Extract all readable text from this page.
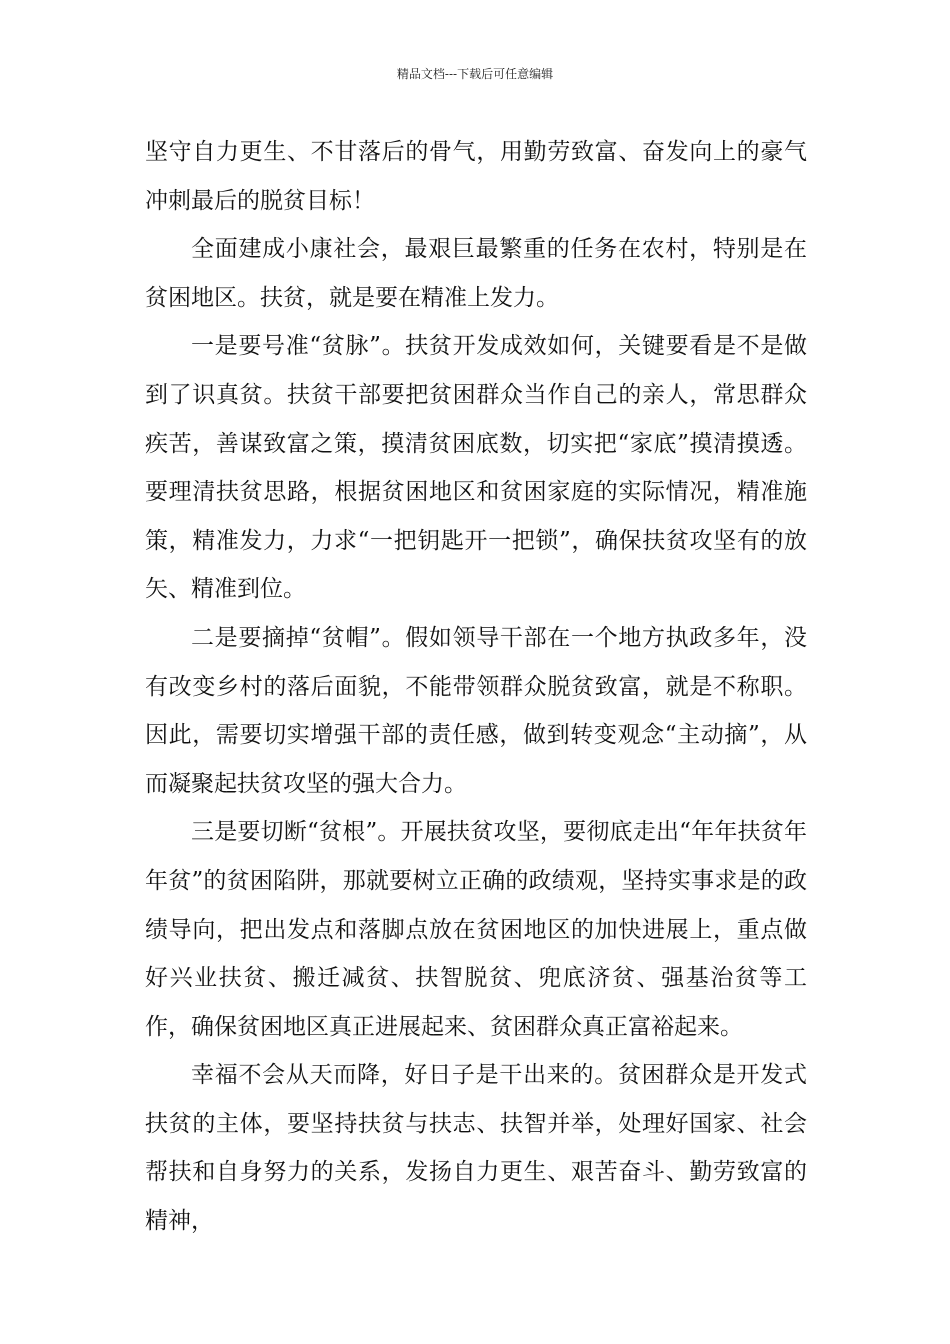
精品文档---下载后可任意编辑

坚守自力更生、不甘落后的骨气，用勤劳致富、奋发向上的豪气冲刺最后的脱贫目标！

全面建成小康社会，最艰巨最繁重的任务在农村，特别是在贫困地区。扶贫，就是要在精准上发力。

一是要号准“贫脉”。扶贫开发成效如何，关键要看是不是做到了识真贫。扶贫干部要把贫困群众当作自己的亲人，常思群众疾苦，善谋致富之策，摸清贫困底数，切实把“家底”摸清摸透。要理清扶贫思路，根据贫困地区和贫困家庭的实际情况，精准施策，精准发力，力求“一把钥匙开一把锁”，确保扶贫攻坚有的放矢、精准到位。

二是要摘掉“贫帽”。假如领导干部在一个地方执政多年，没有改变乡村的落后面貌，不能带领群众脱贫致富，就是不称职。因此，需要切实增强干部的责任感，做到转变观念“主动摘”，从而凝聚起扶贫攻坚的强大合力。

三是要切断“贫根”。开展扶贫攻坚，要彻底走出“年年扶贫年年贫”的贫困陷阱，那就要树立正确的政绩观，坚持实事求是的政绩导向，把出发点和落脚点放在贫困地区的加快进展上，重点做好兴业扶贫、搬迁减贫、扶智脱贫、兜底济贫、强基治贫等工作，确保贫困地区真正进展起来、贫困群众真正富裕起来。

幸福不会从天而降，好日子是干出来的。贫困群众是开发式扶贫的主体，要坚持扶贫与扶志、扶智并举，处理好国家、社会帮扶和自身努力的关系，发扬自力更生、艰苦奋斗、勤劳致富的精神，
